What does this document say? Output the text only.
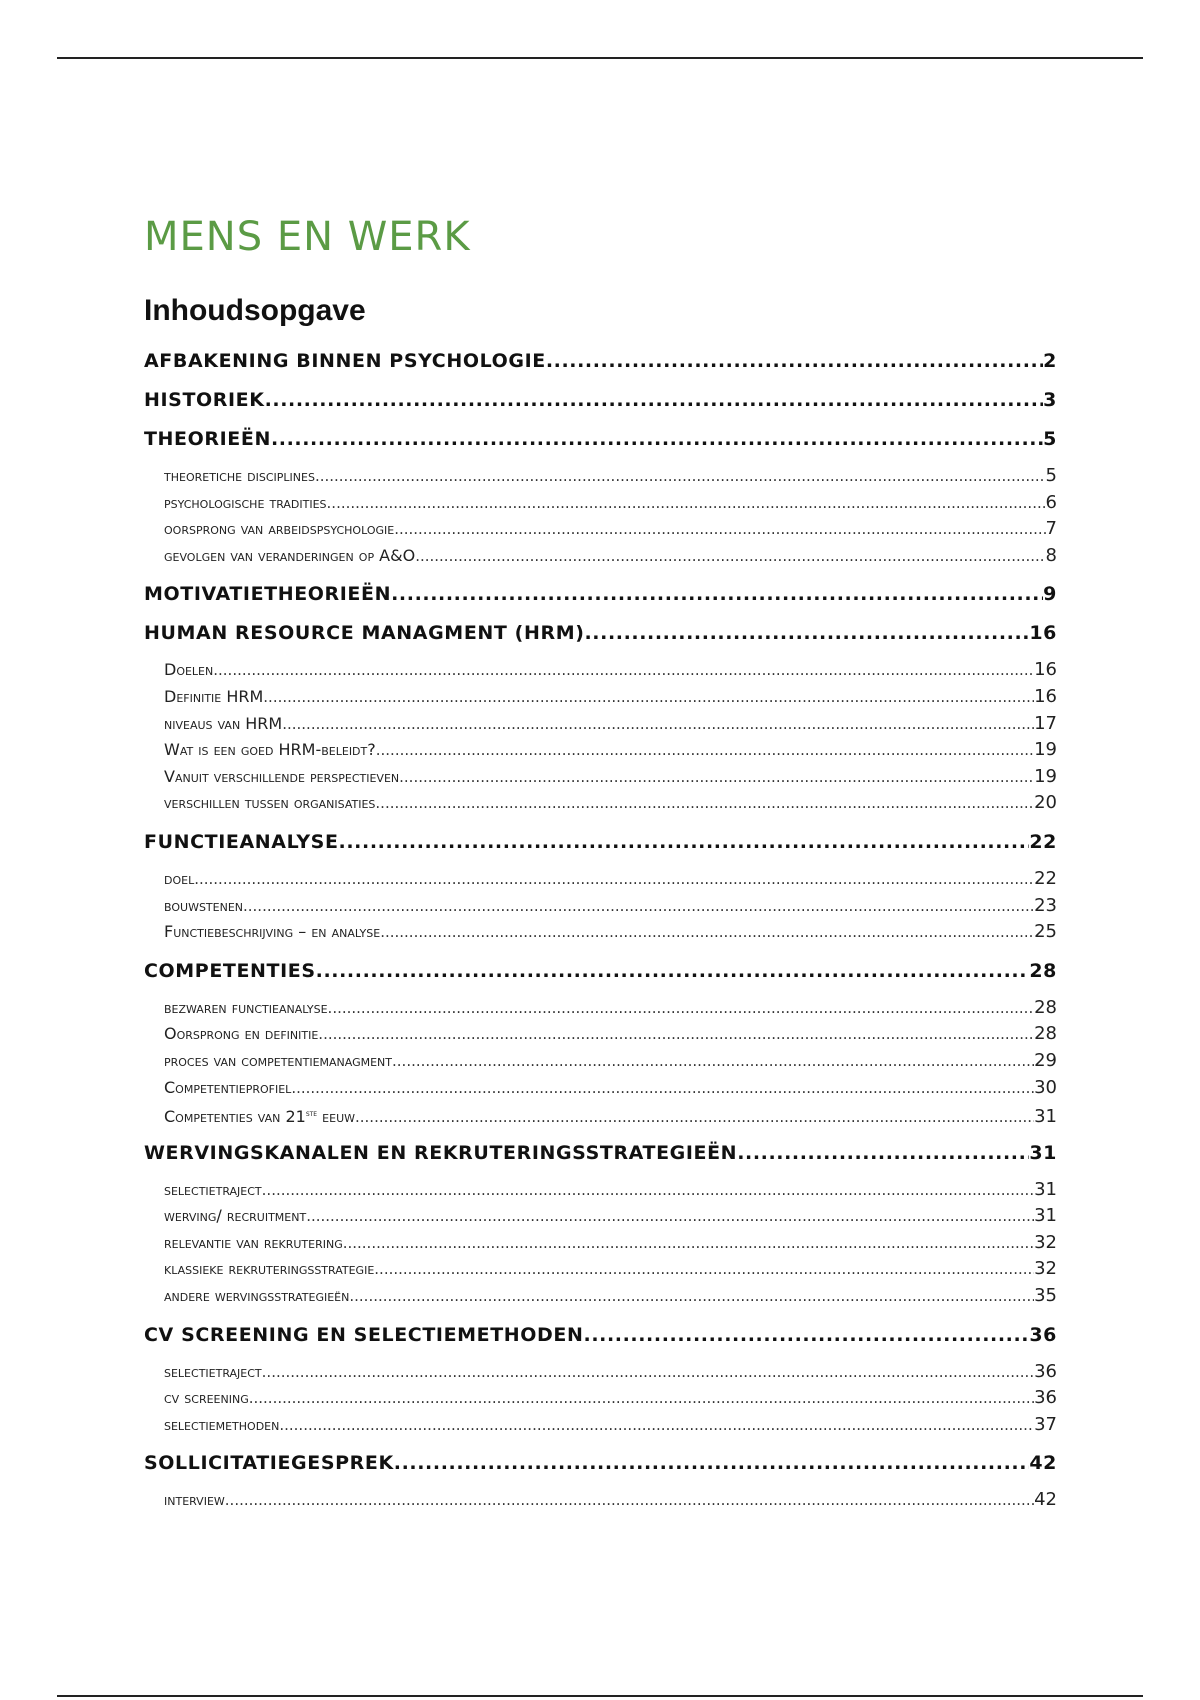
MENS EN WERK
Inhoudsopgave
AFBAKENING BINNEN PSYCHOLOGIE .....	2
HISTORIEK .....	3
THEORIEËN .....	5
theoretiche disciplines .....	5
psychologische tradities .....	6
oorsprong van arbeidspsychologie .....	7
gevolgen van veranderingen op A&O .....	8
MOTIVATIETHEORIEËN .....	9
HUMAN RESOURCE MANAGMENT (HRM) .....	16
Doelen .....	16
Definitie HRM .....	16
niveaus van HRM .....	17
Wat is een goed HRM-beleidt? .....	19
Vanuit verschillende perspectieven .....	19
verschillen tussen organisaties .....	20
FUNCTIEANALYSE .....	22
doel .....	22
bouwstenen .....	23
Functiebeschrijving – en analyse .....	25
COMPETENTIES .....	28
bezwaren functieanalyse .....	28
Oorsprong en definitie .....	28
proces van competentiemanagment .....	29
Competentieprofiel .....	30
Competenties van 21ste eeuw .....	31
WERVINGSKANALEN EN REKRUTERINGSSTRATEGIEËN .....	31
selectietraject .....	31
werving/ recruitment .....	31
relevantie van rekrutering .....	32
klassieke rekruteringsstrategie .....	32
andere wervingsstrategieën .....	35
CV SCREENING EN SELECTIEMETHODEN .....	36
selectietraject .....	36
cv screening .....	36
selectiemethoden .....	37
SOLLICITATIEGESPREK .....	42
interview .....	42
